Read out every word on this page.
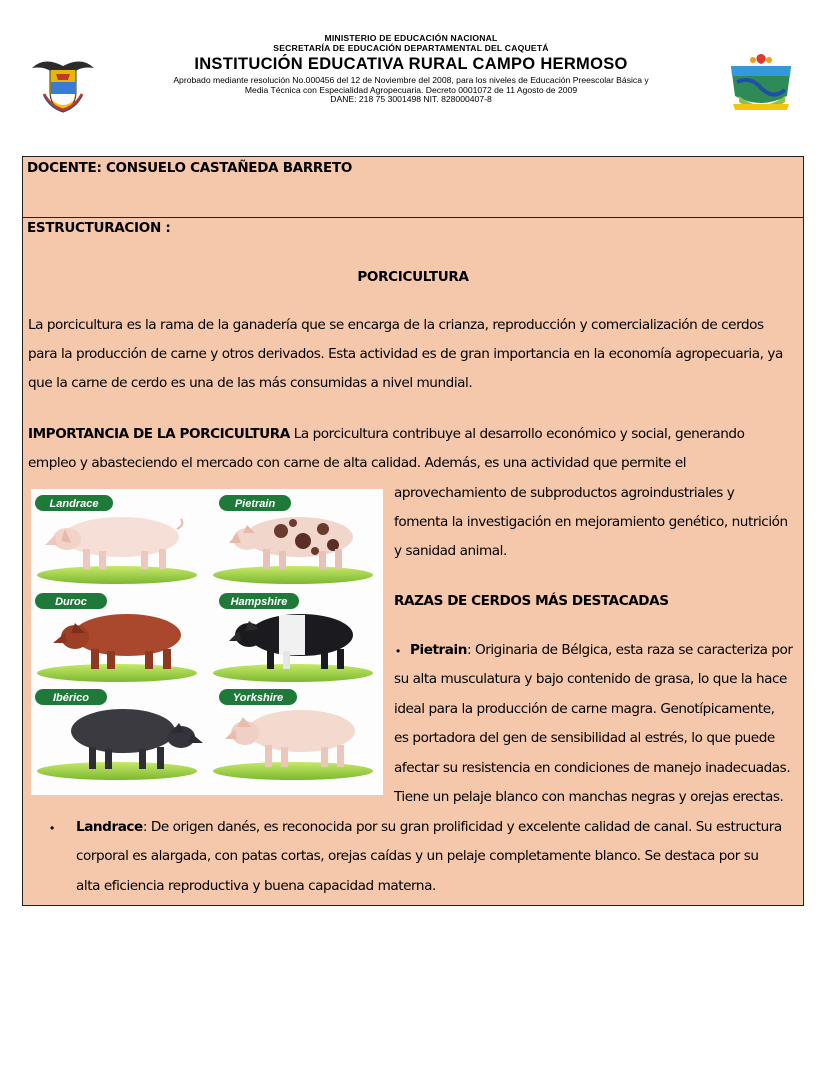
MINISTERIO DE EDUCACIÓN NACIONAL
SECRETARÍA DE EDUCACIÓN DEPARTAMENTAL DEL CAQUETÁ
INSTITUCIÓN EDUCATIVA RURAL CAMPO HERMOSO
Aprobado mediante resolución No.000456 del 12 de Noviembre del 2008, para los niveles de Educación Preescolar Básica y
Media Técnica con Especialidad Agropecuaria. Decreto 0001072 de 11 Agosto de 2009
DANE: 218 75 3001498 NIT. 828000407-8
DOCENTE: CONSUELO CASTAÑEDA BARRETO
ESTRUCTURACION :
PORCICULTURA
La porcicultura es la rama de la ganadería que se encarga de la crianza, reproducción y comercialización de cerdos
para la producción de carne y otros derivados. Esta actividad es de gran importancia en la economía agropecuaria, ya
que la carne de cerdo es una de las más consumidas a nivel mundial.
IMPORTANCIA DE LA PORCICULTURA La porcicultura contribuye al desarrollo económico y social, generando
empleo y abasteciendo el mercado con carne de alta calidad. Además, es una actividad que permite el
aprovechamiento de subproductos agroindustriales y
fomenta la investigación en mejoramiento genético, nutrición
y sanidad animal.
Landrace	Pietrain
Duroc	Hampshire
Ibérico	Yorkshire
RAZAS DE CERDOS MÁS DESTACADAS
• Pietrain: Originaria de Bélgica, esta raza se caracteriza por
su alta musculatura y bajo contenido de grasa, lo que la hace
ideal para la producción de carne magra. Genotípicamente,
es portadora del gen de sensibilidad al estrés, lo que puede
afectar su resistencia en condiciones de manejo inadecuadas.
Tiene un pelaje blanco con manchas negras y orejas erectas.
• Landrace: De origen danés, es reconocida por su gran prolificidad y excelente calidad de canal. Su estructura
corporal es alargada, con patas cortas, orejas caídas y un pelaje completamente blanco. Se destaca por su
alta eficiencia reproductiva y buena capacidad materna.
